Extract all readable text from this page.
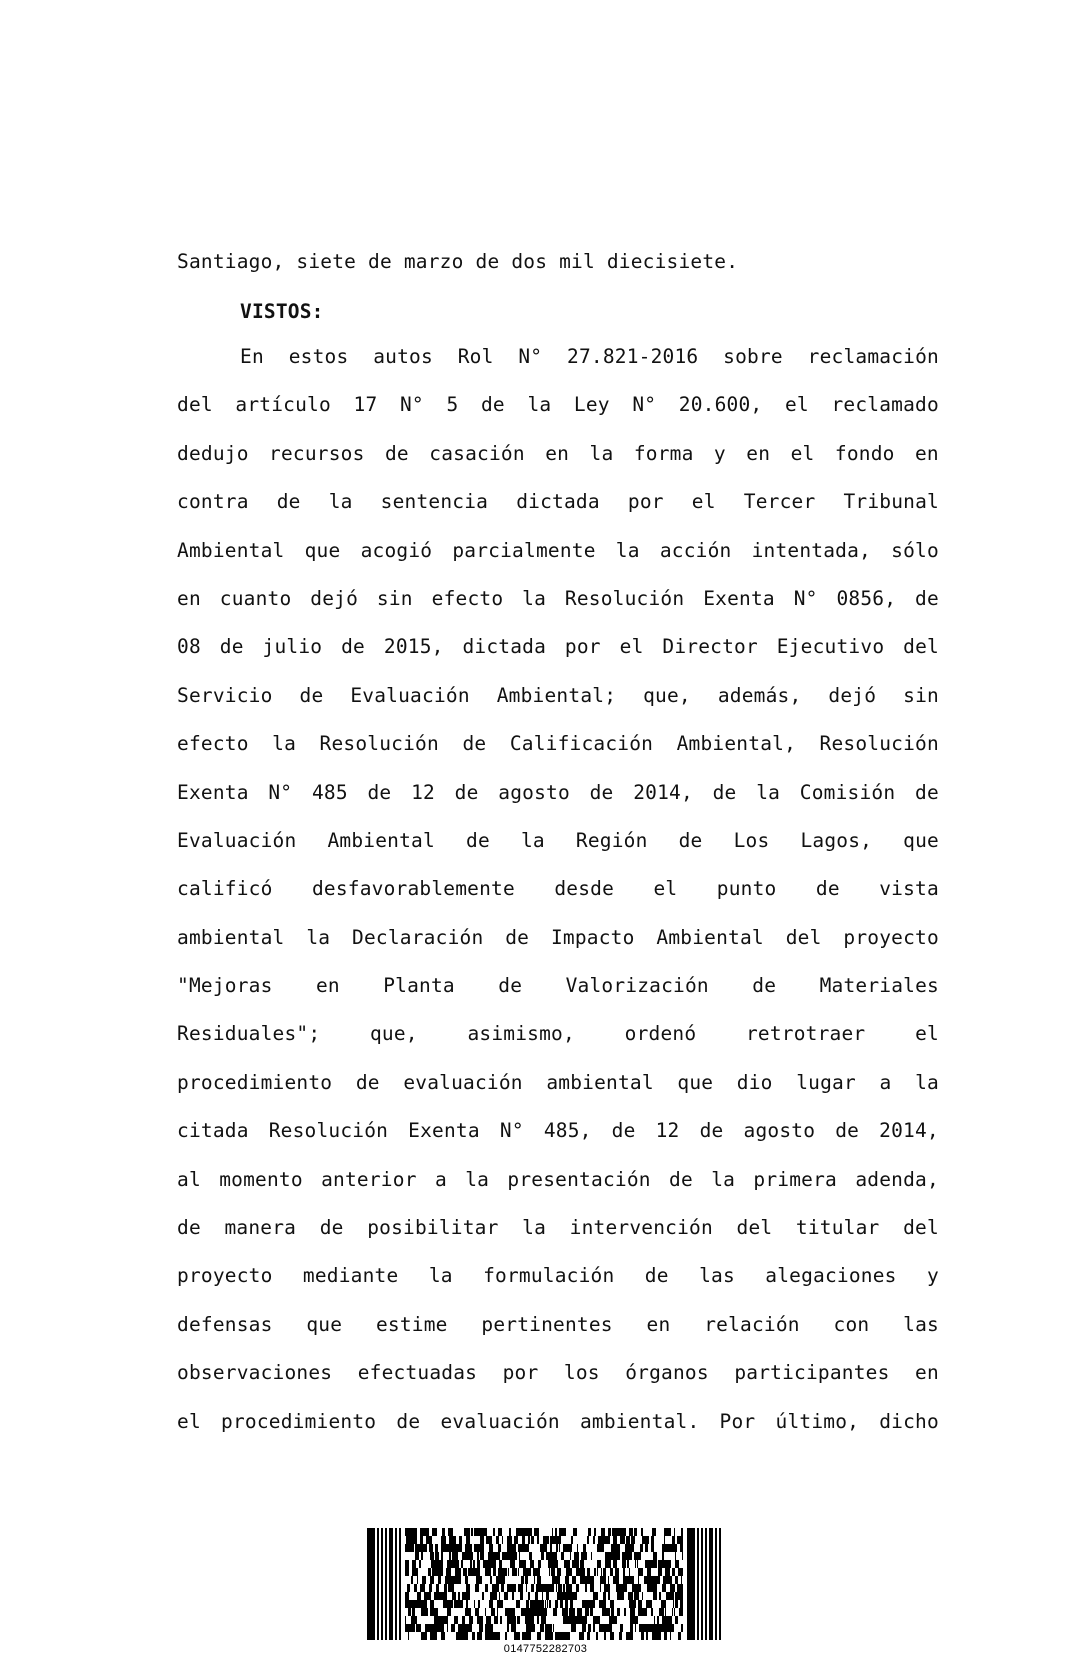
Santiago, siete de marzo de dos mil diecisiete.
VISTOS:
En estos autos Rol N° 27.821-2016 sobre reclamación
del artículo 17 N° 5 de la Ley N° 20.600, el reclamado
dedujo recursos de casación en la forma y en el fondo en
contra de la sentencia dictada por el Tercer Tribunal
Ambiental que acogió parcialmente la acción intentada, sólo
en cuanto dejó sin efecto la Resolución Exenta N° 0856, de
08 de julio de 2015, dictada por el Director Ejecutivo del
Servicio de Evaluación Ambiental; que, además, dejó sin
efecto la Resolución de Calificación Ambiental, Resolución
Exenta N° 485 de 12 de agosto de 2014, de la Comisión de
Evaluación Ambiental de la Región de Los Lagos, que
calificó desfavorablemente desde el punto de vista
ambiental la Declaración de Impacto Ambiental del proyecto
"Mejoras en Planta de Valorización de Materiales
Residuales";	que,	asimismo,	ordenó	retrotraer	el
procedimiento de evaluación ambiental que dio lugar a la
citada Resolución Exenta N° 485, de 12 de agosto de 2014,
al momento anterior a la presentación de la primera adenda,
de manera de posibilitar la intervención del titular del
proyecto mediante la formulación de las alegaciones y
defensas que estime pertinentes en relación con las
observaciones efectuadas por los órganos participantes en
el procedimiento de evaluación ambiental. Por último, dicho
0147752282703
